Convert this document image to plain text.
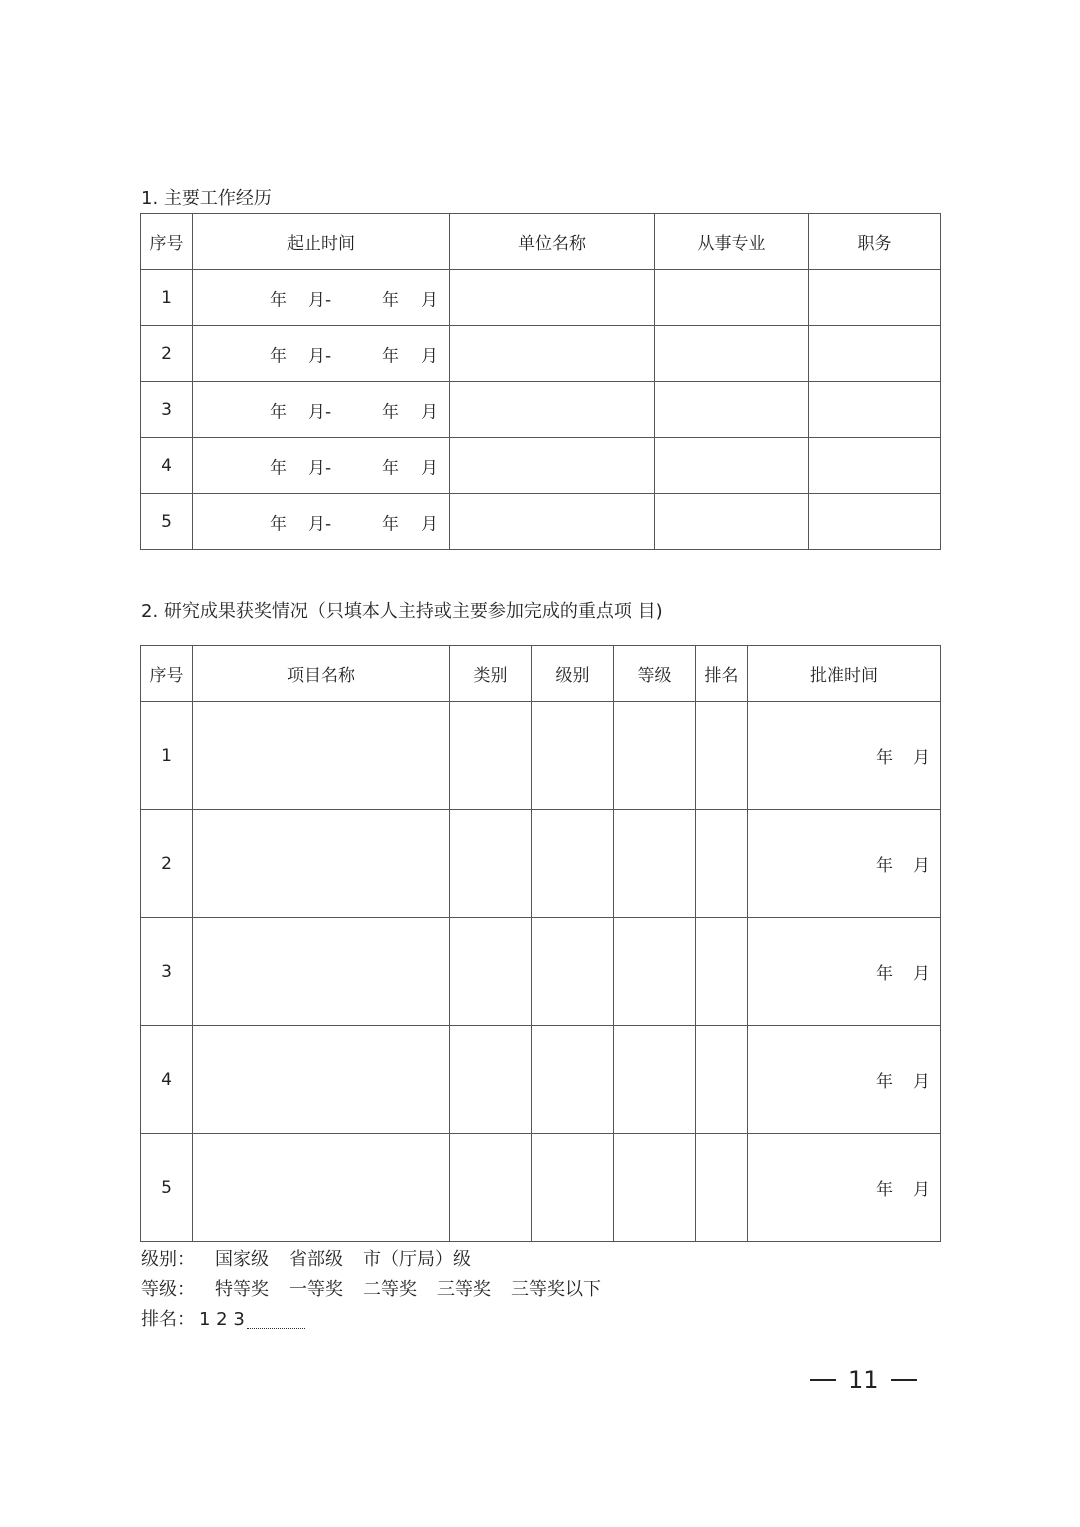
1. 主要工作经历
序号	起止时间	单位名称	从事专业	职务
1	年 月- 年 月			

2	年 月- 年 月			

3	年 月- 年 月			

4	年 月- 年 月			

5	年 月- 年 月			

2. 研究成果获奖情况（只填本人主持或主要参加完成的重点项 目)
序号	项目名称	类别	级别	等级	排名	批准时间
1						年 月
2						年 月
3						年 月
4						年 月
5						年 月
级别： 国家级 省部级 市（厅局）级
等级： 特等奖 一等奖 二等奖 三等奖 三等奖以下
排名： 1 2 3
11
